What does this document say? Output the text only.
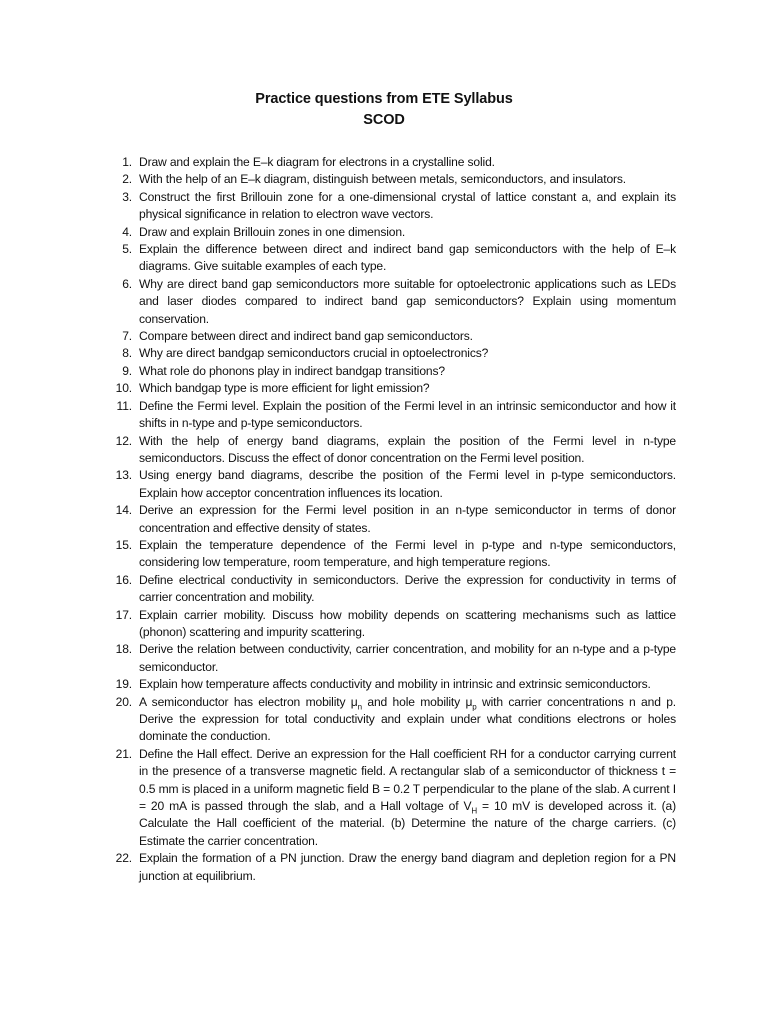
Practice questions from ETE Syllabus
SCOD
1. Draw and explain the E–k diagram for electrons in a crystalline solid.
2. With the help of an E–k diagram, distinguish between metals, semiconductors, and insulators.
3. Construct the first Brillouin zone for a one-dimensional crystal of lattice constant a, and explain its physical significance in relation to electron wave vectors.
4. Draw and explain Brillouin zones in one dimension.
5. Explain the difference between direct and indirect band gap semiconductors with the help of E–k diagrams. Give suitable examples of each type.
6. Why are direct band gap semiconductors more suitable for optoelectronic applications such as LEDs and laser diodes compared to indirect band gap semiconductors? Explain using momentum conservation.
7. Compare between direct and indirect band gap semiconductors.
8. Why are direct bandgap semiconductors crucial in optoelectronics?
9. What role do phonons play in indirect bandgap transitions?
10. Which bandgap type is more efficient for light emission?
11. Define the Fermi level. Explain the position of the Fermi level in an intrinsic semiconductor and how it shifts in n-type and p-type semiconductors.
12. With the help of energy band diagrams, explain the position of the Fermi level in n-type semiconductors. Discuss the effect of donor concentration on the Fermi level position.
13. Using energy band diagrams, describe the position of the Fermi level in p-type semiconductors. Explain how acceptor concentration influences its location.
14. Derive an expression for the Fermi level position in an n-type semiconductor in terms of donor concentration and effective density of states.
15. Explain the temperature dependence of the Fermi level in p-type and n-type semiconductors, considering low temperature, room temperature, and high temperature regions.
16. Define electrical conductivity in semiconductors. Derive the expression for conductivity in terms of carrier concentration and mobility.
17. Explain carrier mobility. Discuss how mobility depends on scattering mechanisms such as lattice (phonon) scattering and impurity scattering.
18. Derive the relation between conductivity, carrier concentration, and mobility for an n-type and a p-type semiconductor.
19. Explain how temperature affects conductivity and mobility in intrinsic and extrinsic semiconductors.
20. A semiconductor has electron mobility $\mu_n$ and hole mobility $\mu_p$ with carrier concentrations n and p. Derive the expression for total conductivity and explain under what conditions electrons or holes dominate the conduction.
21. Define the Hall effect. Derive an expression for the Hall coefficient RH for a conductor carrying current in the presence of a transverse magnetic field. A rectangular slab of a semiconductor of thickness t = 0.5 mm is placed in a uniform magnetic field B = 0.2 T perpendicular to the plane of the slab. A current I = 20 mA is passed through the slab, and a Hall voltage of $V_H = 10$ mV is developed across it. (a) Calculate the Hall coefficient of the material. (b) Determine the nature of the charge carriers. (c) Estimate the carrier concentration.
22. Explain the formation of a PN junction. Draw the energy band diagram and depletion region for a PN junction at equilibrium.
